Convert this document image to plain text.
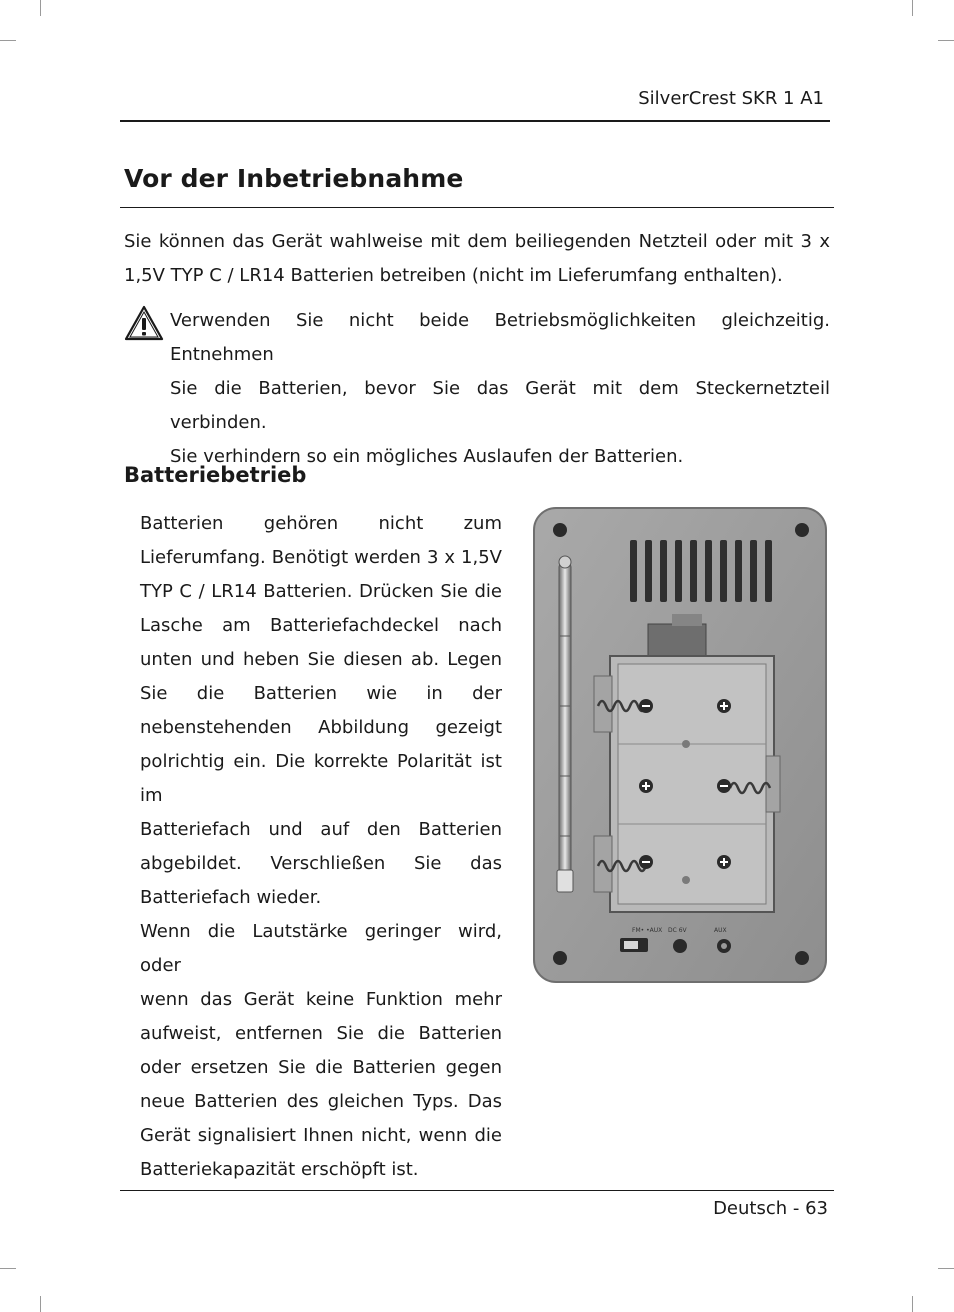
SilverCrest SKR 1 A1
Vor der Inbetriebnahme
Sie können das Gerät wahlweise mit dem beiliegenden Netzteil oder mit 3 x
1,5V TYP C / LR14 Batterien betreiben (nicht im Lieferumfang enthalten).
Verwenden Sie nicht beide Betriebsmöglichkeiten gleichzeitig. Entnehmen
Sie die Batterien, bevor Sie das Gerät mit dem Steckernetzteil verbinden.
Sie verhindern so ein mögliches Auslaufen der Batterien.
Batteriebetrieb
Batterien gehören nicht zum
Lieferumfang. Benötigt werden 3 x 1,5V
TYP C / LR14 Batterien. Drücken Sie die
Lasche am Batteriefachdeckel nach
unten und heben Sie diesen ab. Legen
Sie die Batterien wie in der
nebenstehenden Abbildung gezeigt
polrichtig ein. Die korrekte Polarität ist im
Batteriefach und auf den Batterien
abgebildet. Verschließen Sie das
Batteriefach wieder.
Wenn die Lautstärke geringer wird, oder
wenn das Gerät keine Funktion mehr
aufweist, entfernen Sie die Batterien
oder ersetzen Sie die Batterien gegen
neue Batterien des gleichen Typs. Das
Gerät signalisiert Ihnen nicht, wenn die
Batteriekapazität erschöpft ist.
FM• •AUX DC 6V	AUX
Deutsch - 63
